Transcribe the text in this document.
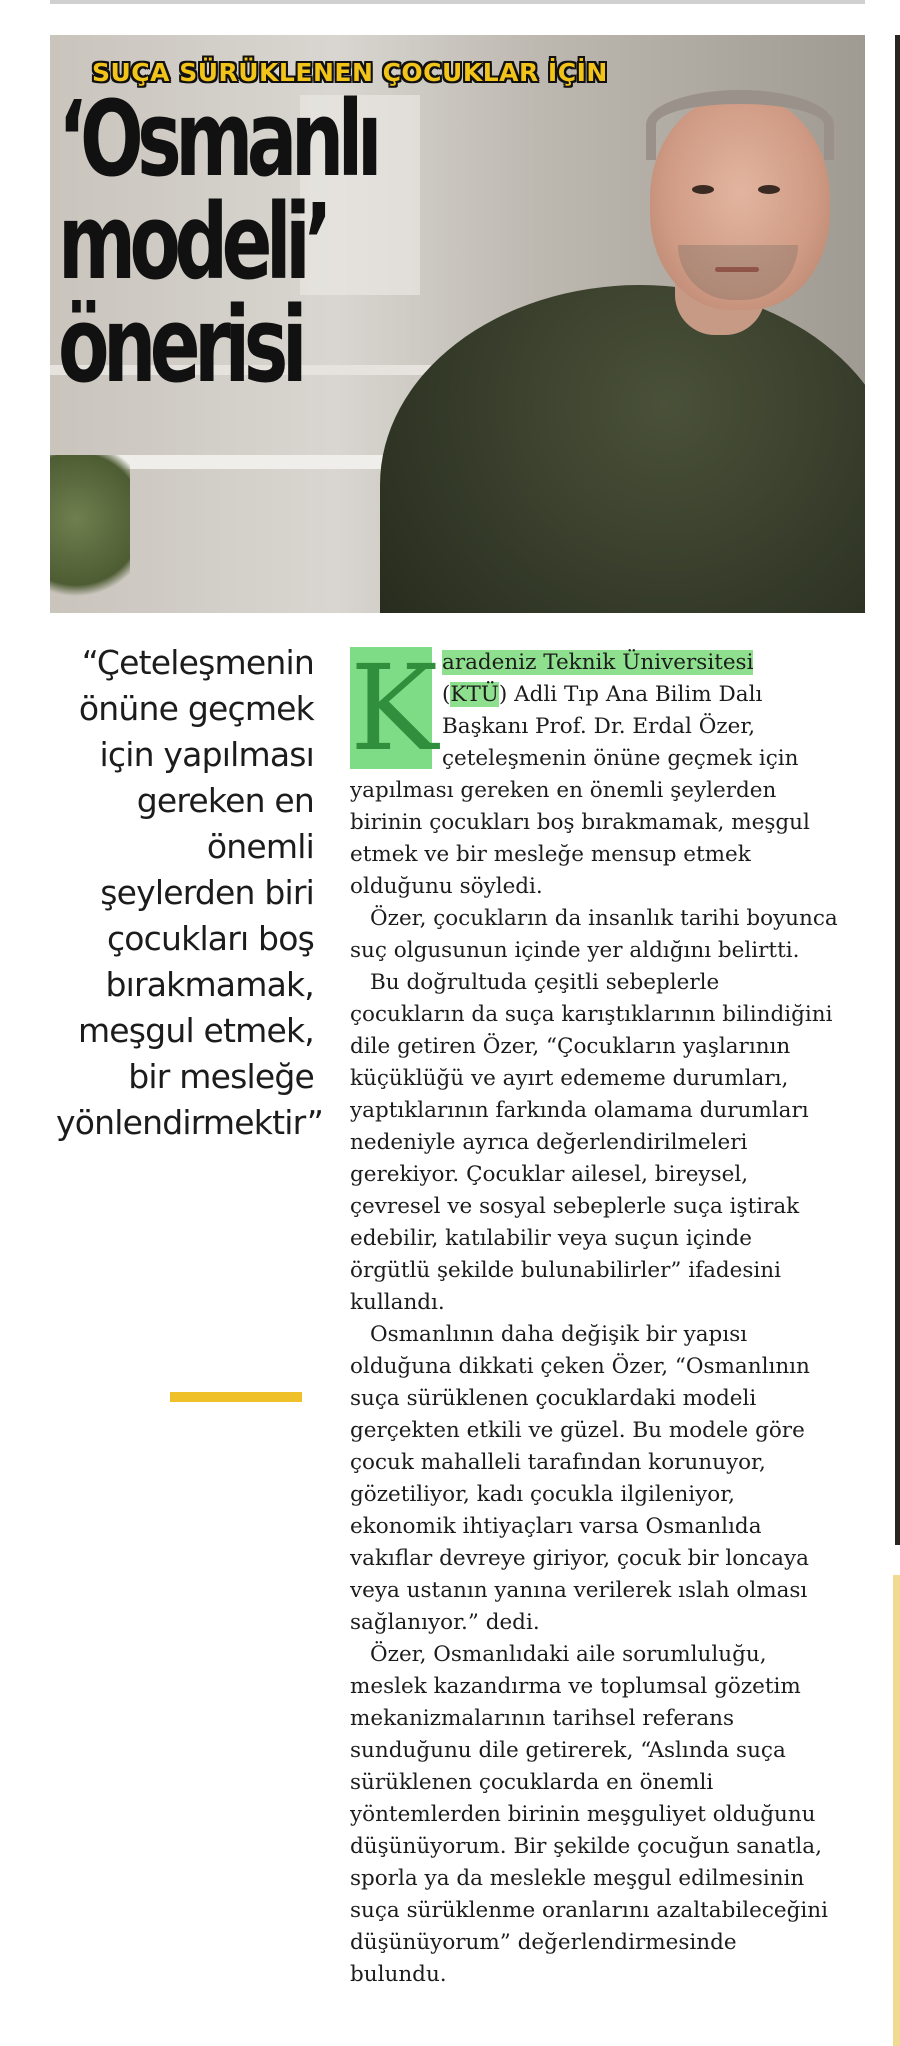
SUÇA SÜRÜKLENEN ÇOCUKLAR İÇİN

‘Osmanlı
modeli’
önerisi

“Çeteleşmenin önüne geçmek için yapılması gereken en önemli şeylerden biri çocukları boş bırakmamak, meşgul etmek, bir mesleğe yönlendirmektir”

K aradeniz Teknik Üniversitesi
(KTÜ) Adli Tıp Ana Bilim Dalı Başkanı Prof. Dr. Erdal Özer, çeteleşmenin önüne geçmek için yapılması gereken en önemli şeylerden birinin çocukları boş bırakmamak, meşgul etmek ve bir mesleğe mensup etmek olduğunu söyledi.

Özer, çocukların da insanlık tarihi boyunca suç olgusunun içinde yer aldığını belirtti.

Bu doğrultuda çeşitli sebeplerle çocukların da suça karıştıklarının bilindiğini dile getiren Özer, “Çocukların yaşlarının küçüklüğü ve ayırt edememe durumları, yaptıklarının farkında olamama durumları nedeniyle ayrıca değerlendirilmeleri gerekiyor. Çocuklar ailesel, bireysel, çevresel ve sosyal sebeplerle suça iştirak edebilir, katılabilir veya suçun içinde örgütlü şekilde bulunabilirler” ifadesini kullandı.

Osmanlının daha değişik bir yapısı olduğuna dikkati çeken Özer, “Osmanlının suça sürüklenen çocuklardaki modeli gerçekten etkili ve güzel. Bu modele göre çocuk mahalleli tarafından korunuyor, gözetiliyor, kadı çocukla ilgileniyor, ekonomik ihtiyaçları varsa Osmanlıda vakıflar devreye giriyor, çocuk bir loncaya veya ustanın yanına verilerek ıslah olması sağlanıyor.” dedi.

Özer, Osmanlıdaki aile sorumluluğu, meslek kazandırma ve toplumsal gözetim mekanizmalarının tarihsel referans sunduğunu dile getirerek, “Aslında suça sürüklenen çocuklarda en önemli yöntemlerden birinin meşguliyet olduğunu düşünüyorum. Bir şekilde çocuğun sanatla, sporla ya da meslekle meşgul edilmesinin suça sürüklenme oranlarını azaltabileceğini düşünüyorum” değerlendirmesinde bulundu.
